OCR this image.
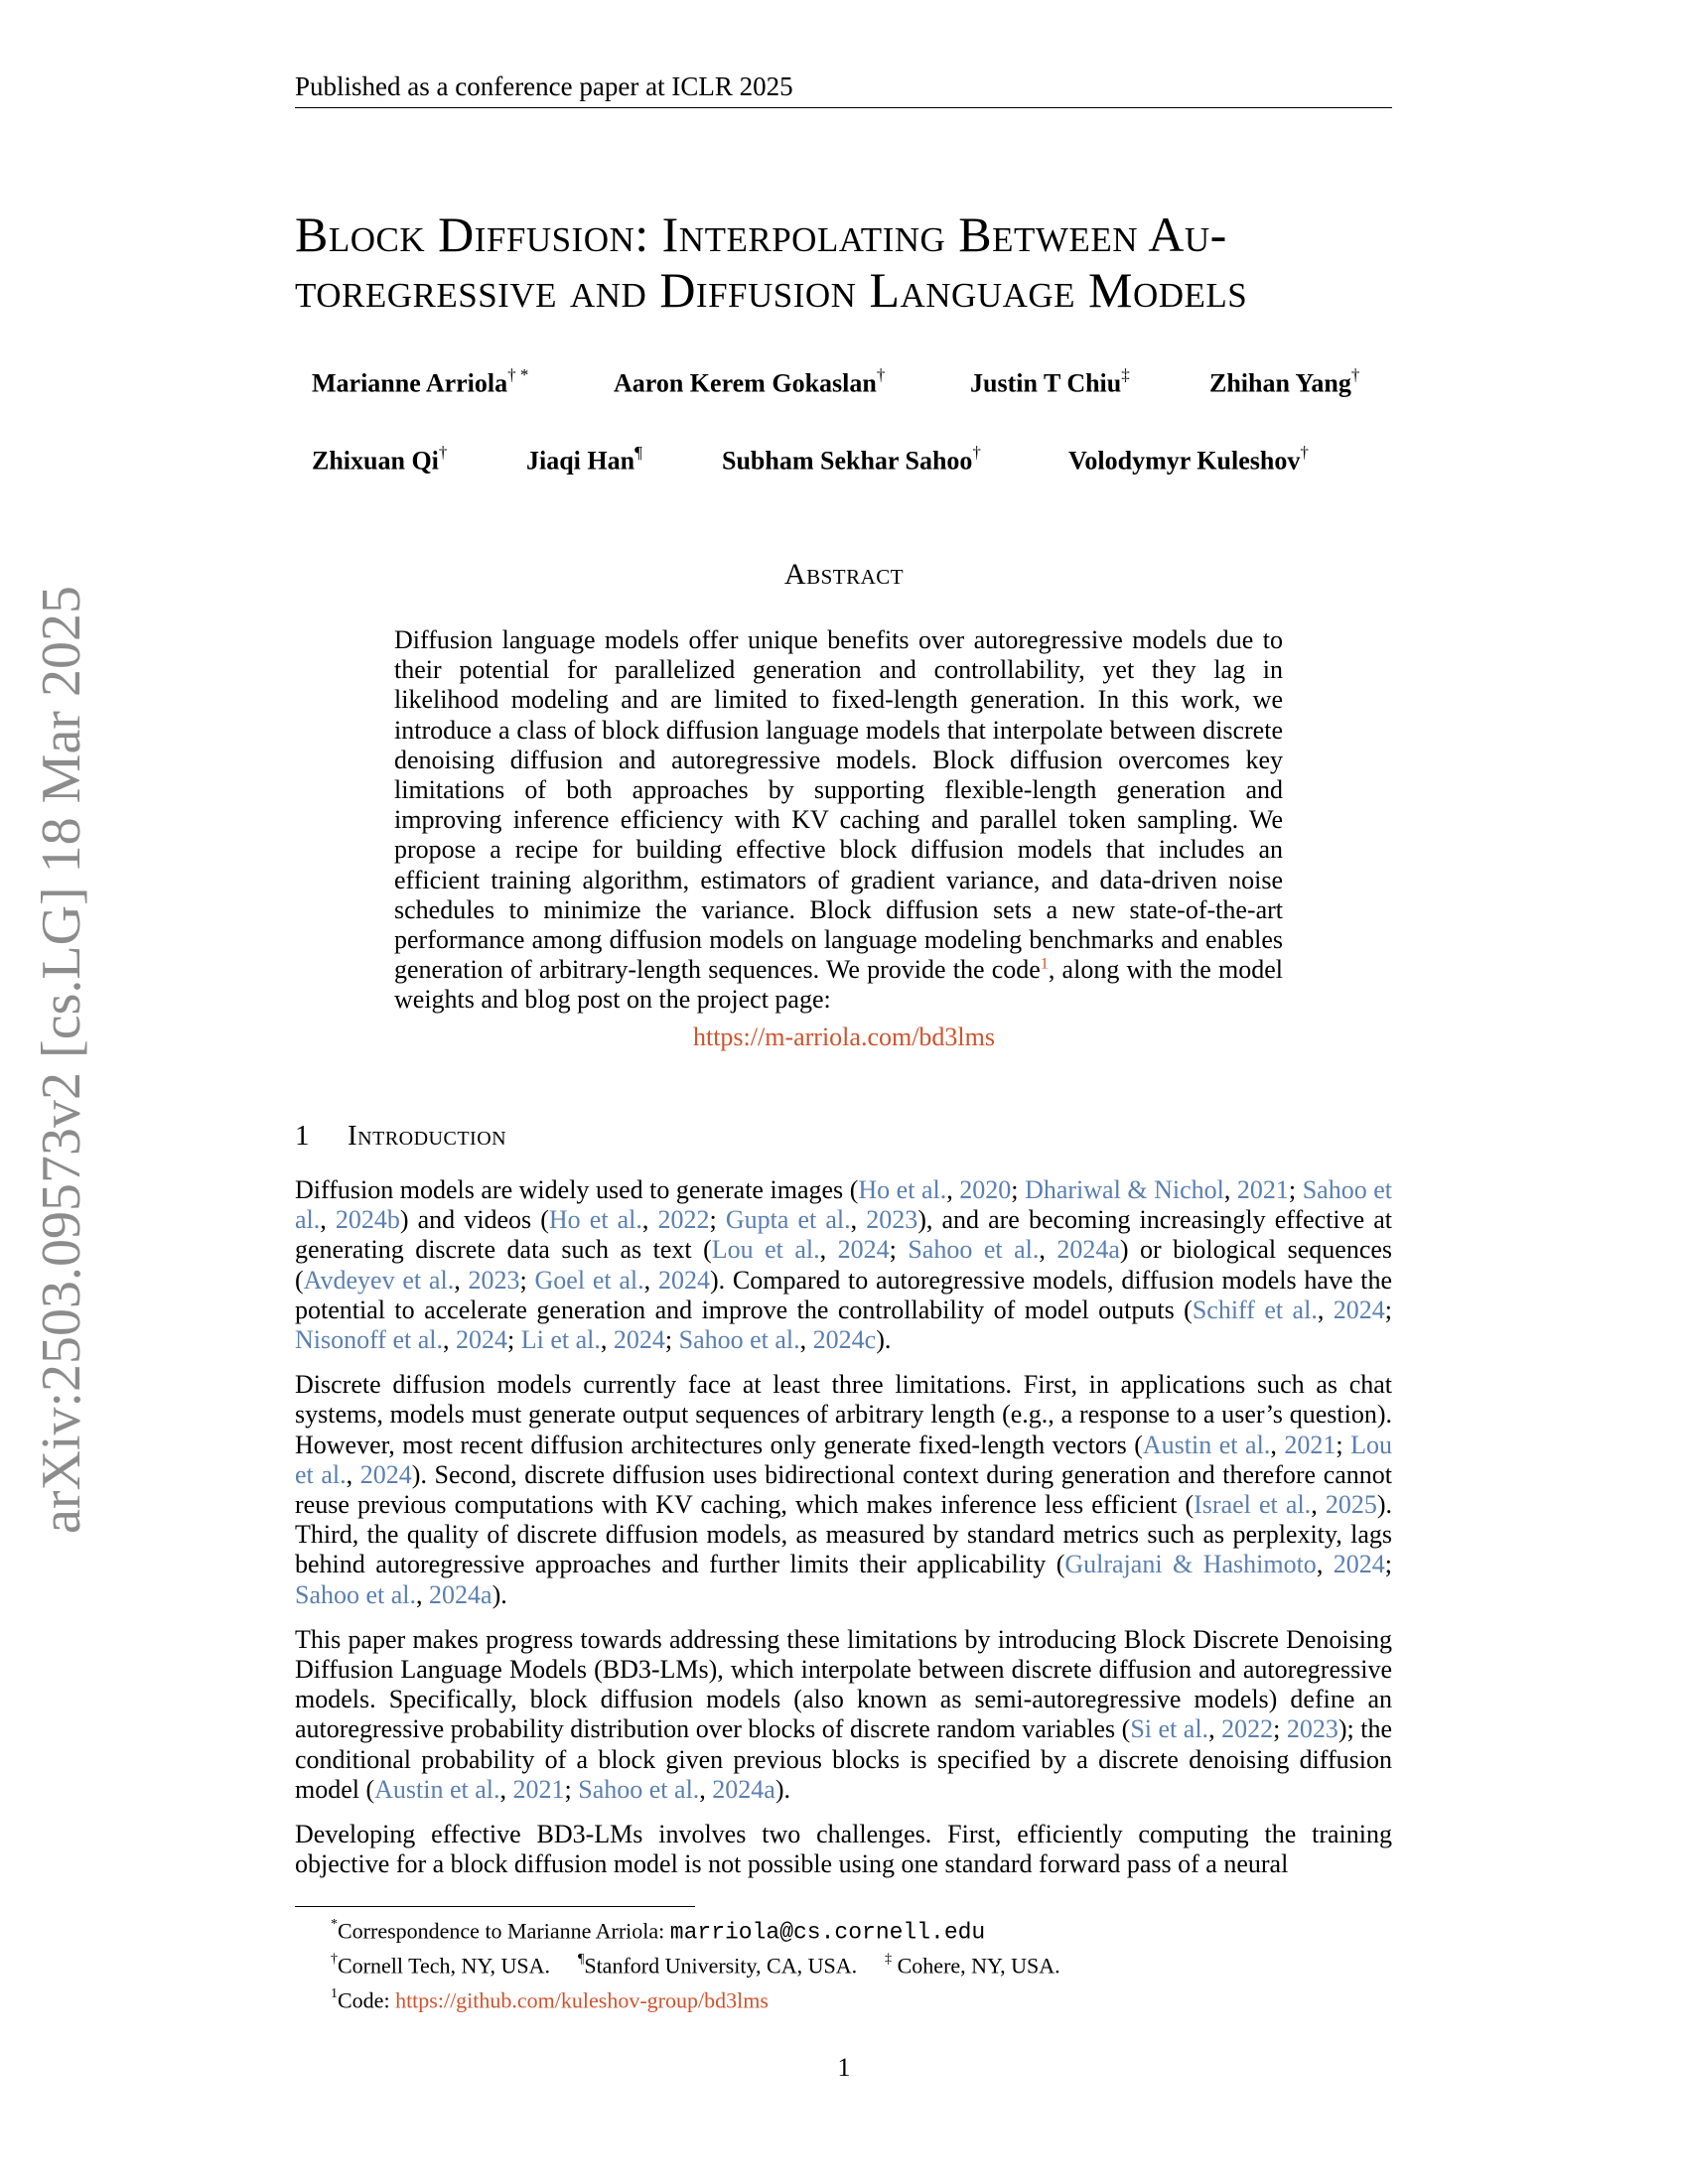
arXiv:2503.09573v2 [cs.LG] 18 Mar 2025
Published as a conference paper at ICLR 2025
Block Diffusion: Interpolating Between Au-
toregressive and Diffusion Language Models
Marianne Arriola† *	Aaron Kerem Gokaslan†	Justin T Chiu‡	Zhihan Yang†
Zhixuan Qi†	Jiaqi Han¶	Subham Sekhar Sahoo†	Volodymyr Kuleshov†
Abstract
Diffusion language models offer unique benefits over autoregressive models due to their potential for parallelized generation and controllability, yet they lag in likelihood modeling and are limited to fixed-length generation. In this work, we introduce a class of block diffusion language models that interpolate between discrete denoising diffusion and autoregressive models. Block diffusion overcomes key limitations of both approaches by supporting flexible-length generation and improving inference efficiency with KV caching and parallel token sampling. We propose a recipe for building effective block diffusion models that includes an efficient training algorithm, estimators of gradient variance, and data-driven noise schedules to minimize the variance. Block diffusion sets a new state-of-the-art performance among diffusion models on language modeling benchmarks and enables generation of arbitrary-length sequences. We provide the code$^1$, along with the model weights and blog post on the project page:
https://m-arriola.com/bd3lms
1 Introduction

Diffusion models are widely used to generate images (Ho et al., 2020; Dhariwal & Nichol, 2021; Sahoo et al., 2024b) and videos (Ho et al., 2022; Gupta et al., 2023), and are becoming increasingly effective at generating discrete data such as text (Lou et al., 2024; Sahoo et al., 2024a) or biological sequences (Avdeyev et al., 2023; Goel et al., 2024). Compared to autoregressive models, diffusion models have the potential to accelerate generation and improve the controllability of model outputs (Schiff et al., 2024; Nisonoff et al., 2024; Li et al., 2024; Sahoo et al., 2024c).

Discrete diffusion models currently face at least three limitations. First, in applications such as chat systems, models must generate output sequences of arbitrary length (e.g., a response to a user’s question). However, most recent diffusion architectures only generate fixed-length vectors (Austin et al., 2021; Lou et al., 2024). Second, discrete diffusion uses bidirectional context during generation and therefore cannot reuse previous computations with KV caching, which makes inference less efficient (Israel et al., 2025). Third, the quality of discrete diffusion models, as measured by standard metrics such as perplexity, lags behind autoregressive approaches and further limits their applicability (Gulrajani & Hashimoto, 2024; Sahoo et al., 2024a).

This paper makes progress towards addressing these limitations by introducing Block Discrete Denoising Diffusion Language Models (BD3-LMs), which interpolate between discrete diffusion and autoregressive models. Specifically, block diffusion models (also known as semi-autoregressive models) define an autoregressive probability distribution over blocks of discrete random variables (Si et al., 2022; 2023); the conditional probability of a block given previous blocks is specified by a discrete denoising diffusion model (Austin et al., 2021; Sahoo et al., 2024a).

Developing effective BD3-LMs involves two challenges. First, efficiently computing the training objective for a block diffusion model is not possible using one standard forward pass of a neural

*Correspondence to Marianne Arriola: marriola@cs.cornell.edu
†Cornell Tech, NY, USA. ¶Stanford University, CA, USA. ‡ Cohere, NY, USA.
$^1$Code: https://github.com/kuleshov-group/bd3lms
1
